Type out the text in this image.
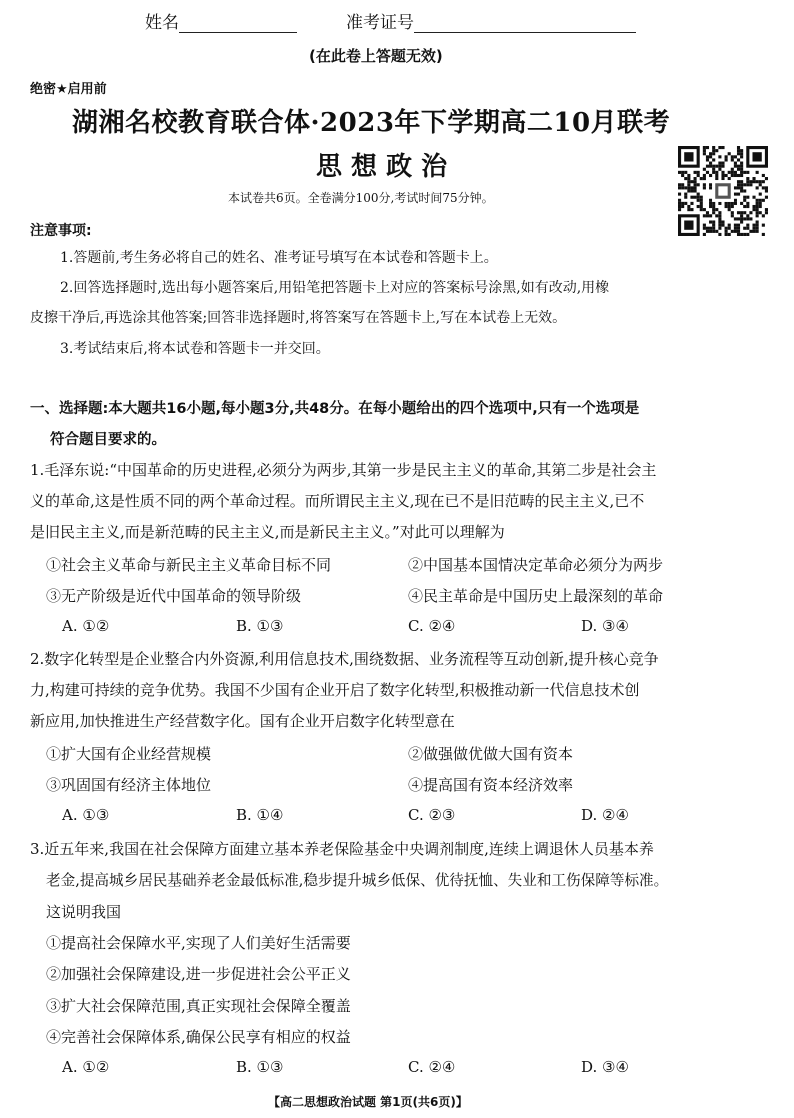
姓名	准考证号
(在此卷上答题无效)
绝密★启用前
湖湘名校教育联合体·2023年下学期高二10月联考
思 想 政 治
本试卷共6页。全卷满分100分,考试时间75分钟。
注意事项:
1.答题前,考生务必将自己的姓名、准考证号填写在本试卷和答题卡上。
2.回答选择题时,选出每小题答案后,用铅笔把答题卡上对应的答案标号涂黑,如有改动,用橡
皮擦干净后,再选涂其他答案;回答非选择题时,将答案写在答题卡上,写在本试卷上无效。
3.考试结束后,将本试卷和答题卡一并交回。
一、选择题:本大题共16小题,每小题3分,共48分。在每小题给出的四个选项中,只有一个选项是
符合题目要求的。
1.毛泽东说:“中国革命的历史进程,必须分为两步,其第一步是民主主义的革命,其第二步是社会主
义的革命,这是性质不同的两个革命过程。而所谓民主主义,现在已不是旧范畴的民主主义,已不
是旧民主主义,而是新范畴的民主主义,而是新民主主义。”对此可以理解为
①社会主义革命与新民主主义革命目标不同	②中国基本国情决定革命必须分为两步
③无产阶级是近代中国革命的领导阶级	④民主革命是中国历史上最深刻的革命
A. ①②	B. ①③	C. ②④	D. ③④
2.数字化转型是企业整合内外资源,利用信息技术,围绕数据、业务流程等互动创新,提升核心竞争
力,构建可持续的竞争优势。我国不少国有企业开启了数字化转型,积极推动新一代信息技术创
新应用,加快推进生产经营数字化。国有企业开启数字化转型意在
①扩大国有企业经营规模	②做强做优做大国有资本
③巩固国有经济主体地位	④提高国有资本经济效率
A. ①③	B. ①④	C. ②③	D. ②④
3.近五年来,我国在社会保障方面建立基本养老保险基金中央调剂制度,连续上调退休人员基本养
老金,提高城乡居民基础养老金最低标准,稳步提升城乡低保、优待抚恤、失业和工伤保障等标准。
这说明我国
①提高社会保障水平,实现了人们美好生活需要
②加强社会保障建设,进一步促进社会公平正义
③扩大社会保障范围,真正实现社会保障全覆盖
④完善社会保障体系,确保公民享有相应的权益
A. ①②	B. ①③	C. ②④	D. ③④
【高二思想政治试题 第1页(共6页)】
